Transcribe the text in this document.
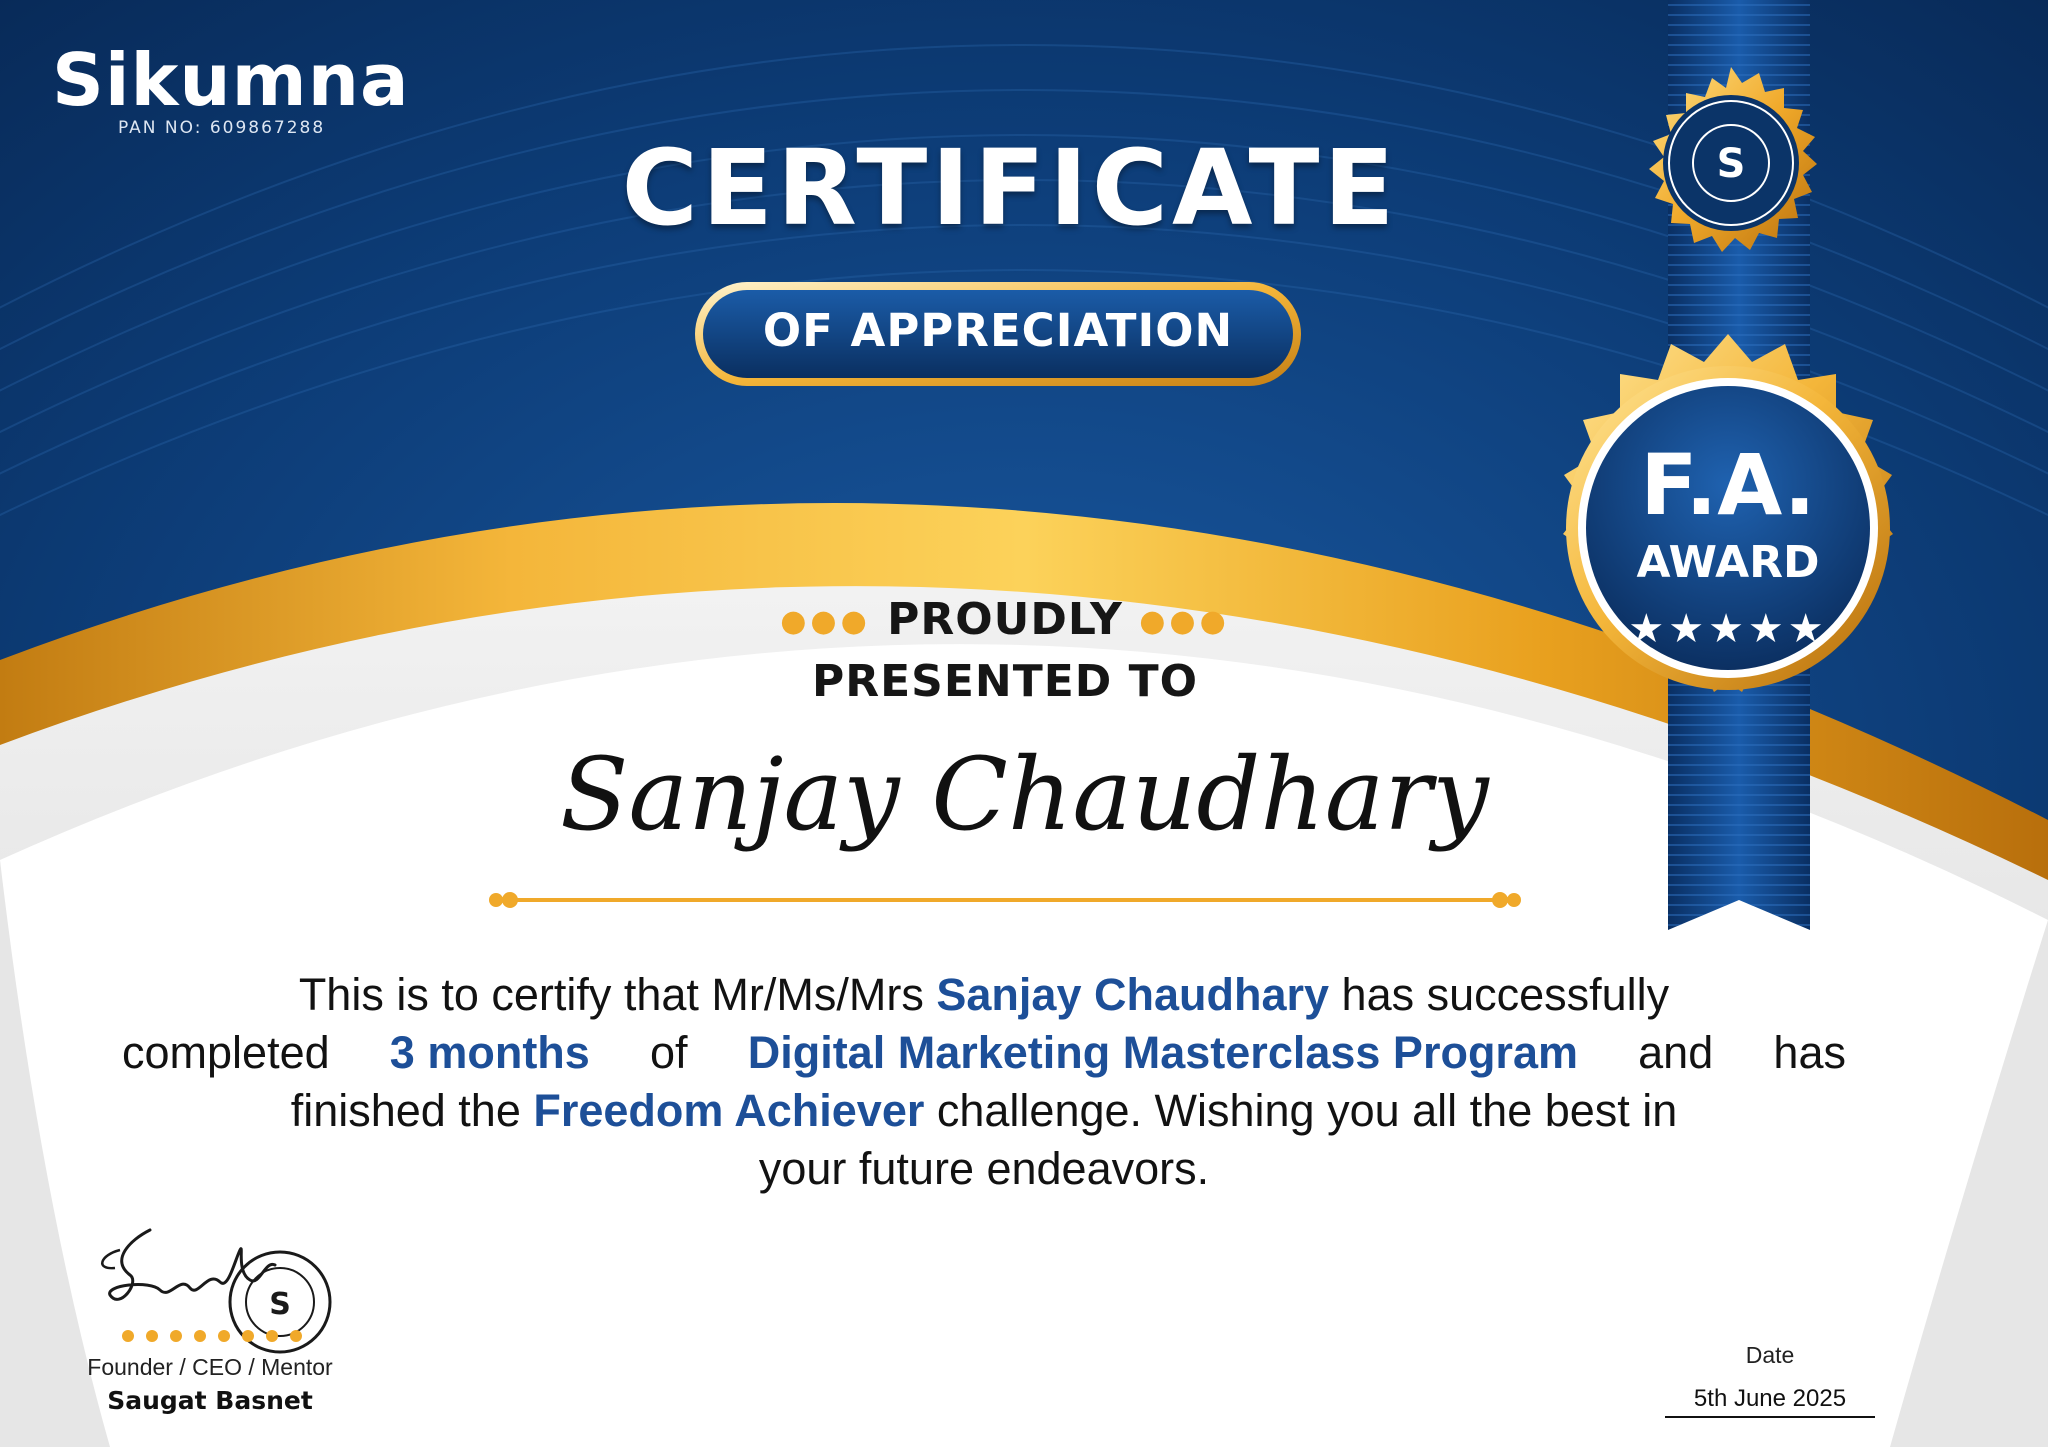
Sikumna
PAN NO: 609867288	CERTIFICATE
OF APPRECIATION
●●● PROUDLY ●●●
PRESENTED TO
Sanjay Chaudhary
This is to certify that Mr/Ms/Mrs Sanjay Chaudhary has successfully
completed 3 months of Digital Marketing Masterclass Program and has
finished the Freedom Achiever challenge. Wishing you all the best in
your future endeavors.
S
Founder / CEO / Mentor
Saugat Basnet
Date
5th June 2025
S
F.A.
AWARD
★★★★★
